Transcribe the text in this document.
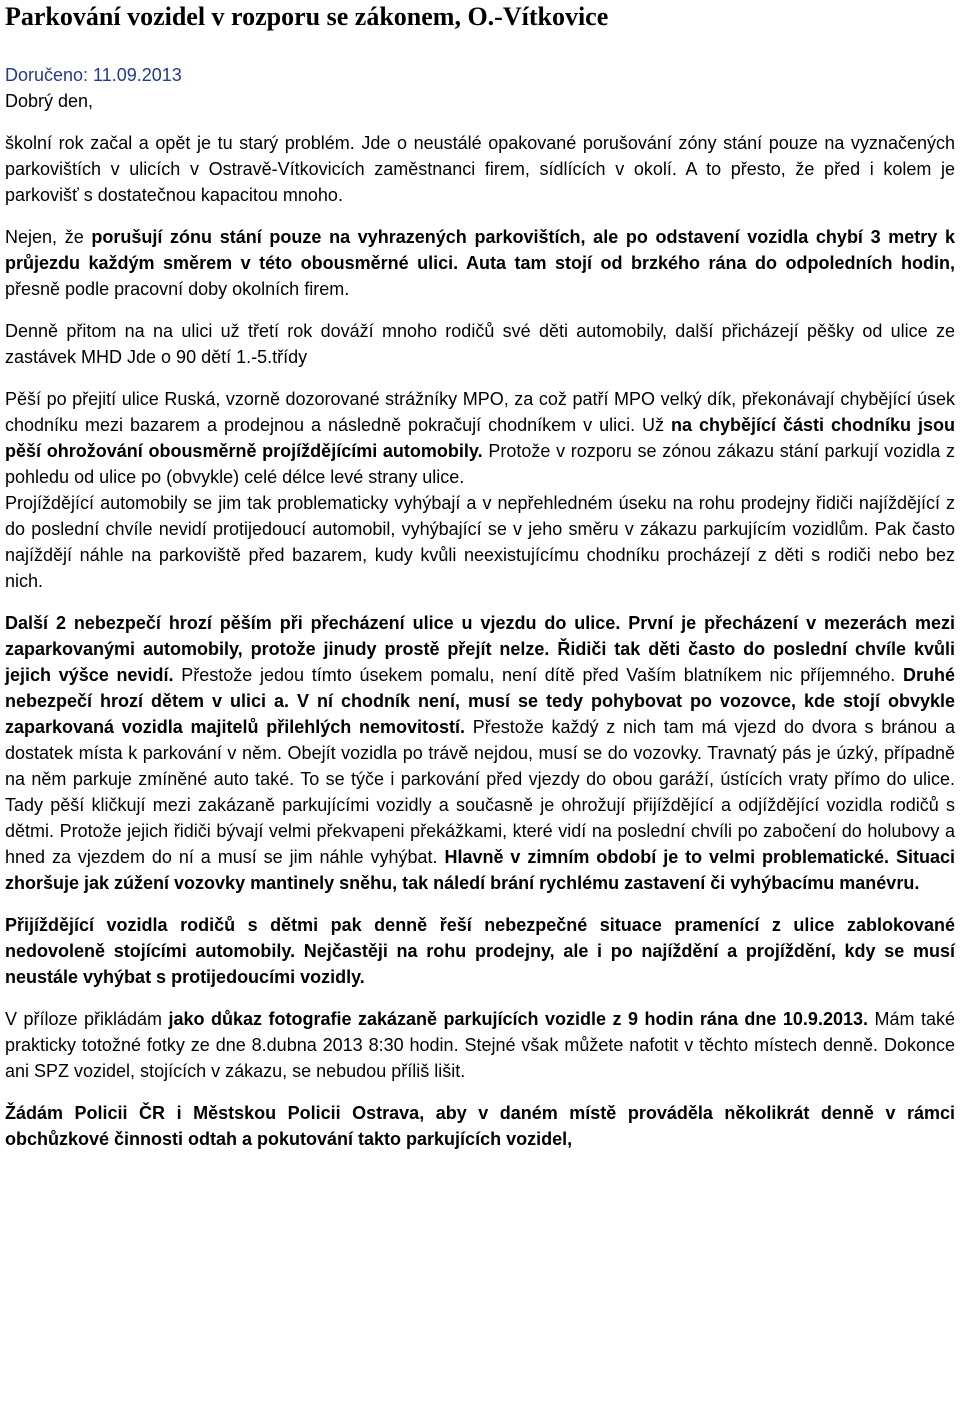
Parkování vozidel v rozporu se zákonem, O.-Vítkovice
Doručeno: 11.09.2013
Dobrý den,

školní rok začal a opět je tu starý problém. Jde o neustálé opakované porušování zóny stání pouze na vyznačených parkovištích v ulicích v Ostravě-Vítkovicích zaměstnanci firem, sídlících v okolí. A to přesto, že před i kolem je parkovišť s dostatečnou kapacitou mnoho.

Nejen, že porušují zónu stání pouze na vyhrazených parkovištích, ale po odstavení vozidla chybí 3 metry k průjezdu každým směrem v této obousměrné ulici. Auta tam stojí od brzkého rána do odpoledních hodin, přesně podle pracovní doby okolních firem.

Denně přitom na na ulici už třetí rok dováží mnoho rodičů své děti automobily, další přicházejí pěšky od ulice ze zastávek MHD Jde o 90 dětí 1.-5.třídy

Pěší po přejití ulice Ruská, vzorně dozorované strážníky MPO, za což patří MPO velký dík, překonávají chybějící úsek chodníku mezi bazarem a prodejnou a následně pokračují chodníkem v ulici. Už na chybějící části chodníku jsou pěší ohrožování obousměrně projíždějícími automobily. Protože v rozporu se zónou zákazu stání parkují vozidla z pohledu od ulice po (obvykle) celé délce levé strany ulice.

Projíždějící automobily se jim tak problematicky vyhýbají a v nepřehledném úseku na rohu prodejny řidiči najíždějící z do poslední chvíle nevidí protijedoucí automobil, vyhýbající se v jeho směru v zákazu parkujícím vozidlům. Pak často najíždějí náhle na parkoviště před bazarem, kudy kvůli neexistujícímu chodníku procházejí z děti s rodiči nebo bez nich.

Další 2 nebezpečí hrozí pěším při přecházení ulice u vjezdu do ulice. První je přecházení v mezerách mezi zaparkovanými automobily, protože jinudy prostě přejít nelze. Řidiči tak děti často do poslední chvíle kvůli jejich výšce nevidí. Přestože jedou tímto úsekem pomalu, není dítě před Vaším blatníkem nic příjemného. Druhé nebezpečí hrozí dětem v ulici a. V ní chodník není, musí se tedy pohybovat po vozovce, kde stojí obvykle zaparkovaná vozidla majitelů přilehlých nemovitostí. Přestože každý z nich tam má vjezd do dvora s bránou a dostatek místa k parkování v něm. Obejít vozidla po trávě nejdou, musí se do vozovky. Travnatý pás je úzký, případně na něm parkuje zmíněné auto také. To se týče i parkování před vjezdy do obou garáží, ústících vraty přímo do ulice. Tady pěší kličkují mezi zakázaně parkujícími vozidly a současně je ohrožují přijíždějící a odjíždějící vozidla rodičů s dětmi. Protože jejich řidiči bývají velmi překvapeni překážkami, které vidí na poslední chvíli po zabočení do holubovy a hned za vjezdem do ní a musí se jim náhle vyhýbat. Hlavně v zimním období je to velmi problematické. Situaci zhoršuje jak zúžení vozovky mantinely sněhu, tak náledí brání rychlému zastavení či vyhýbacímu manévru.

Přijíždějící vozidla rodičů s dětmi pak denně řeší nebezpečné situace pramenící z ulice zablokované nedovoleně stojícími automobily. Nejčastěji na rohu prodejny, ale i po najíždění a projíždění, kdy se musí neustále vyhýbat s protijedoucími vozidly.

V příloze přikládám jako důkaz fotografie zakázaně parkujících vozidle z 9 hodin rána dne 10.9.2013. Mám také prakticky totožné fotky ze dne 8.dubna 2013 8:30 hodin. Stejné však můžete nafotit v těchto místech denně. Dokonce ani SPZ vozidel, stojících v zákazu, se nebudou příliš lišit.

Žádám Policii ČR i Městskou Policii Ostrava, aby v daném místě prováděla několikrát denně v rámci obchůzkové činnosti odtah a pokutování takto parkujících vozidel,
